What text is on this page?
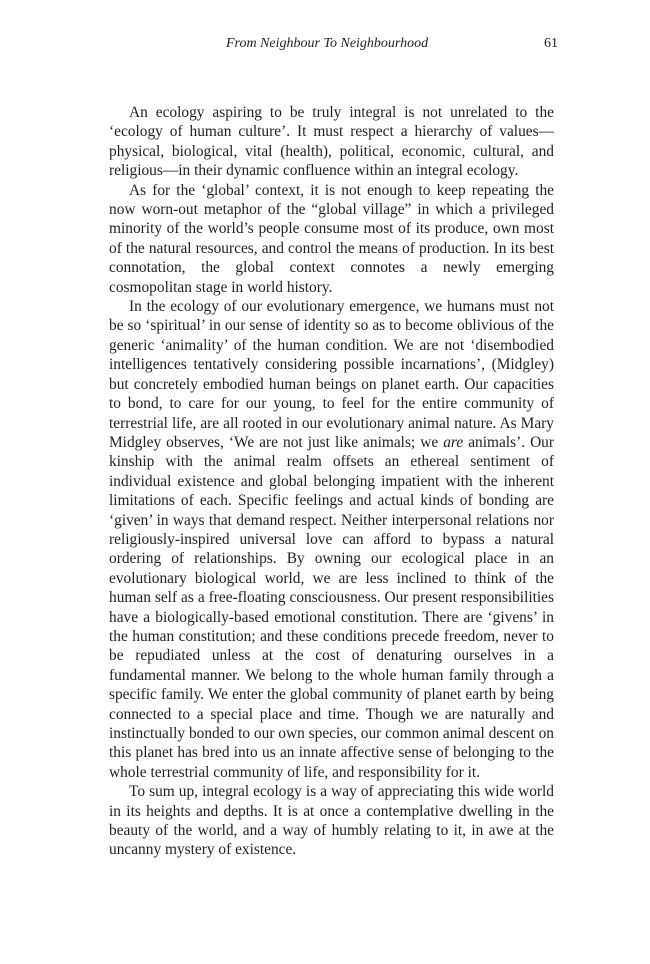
From Neighbour To Neighbourhood	61

An ecology aspiring to be truly integral is not unrelated to the ‘ecology of human culture’. It must respect a hierarchy of values—physical, biological, vital (health), political, economic, cultural, and religious—in their dynamic confluence within an integral ecology.

As for the ‘global’ context, it is not enough to keep repeating the now worn-out metaphor of the “global village” in which a privileged minority of the world’s people consume most of its produce, own most of the natural resources, and control the means of production. In its best connotation, the global context connotes a newly emerging cosmopolitan stage in world history.

In the ecology of our evolutionary emergence, we humans must not be so ‘spiritual’ in our sense of identity so as to become oblivious of the generic ‘animality’ of the human condition. We are not ‘disembodied intelligences tentatively considering possible incarnations’, (Midgley) but concretely embodied human beings on planet earth. Our capacities to bond, to care for our young, to feel for the entire community of terrestrial life, are all rooted in our evolutionary animal nature. As Mary Midgley observes, ‘We are not just like animals; we are animals’. Our kinship with the animal realm offsets an ethereal sentiment of individual existence and global belonging impatient with the inherent limitations of each. Specific feelings and actual kinds of bonding are ‘given’ in ways that demand respect. Neither interpersonal relations nor religiously-inspired universal love can afford to bypass a natural ordering of relationships. By owning our ecological place in an evolutionary biological world, we are less inclined to think of the human self as a free-floating consciousness. Our present responsibilities have a biologically-based emotional constitution. There are ‘givens’ in the human constitution; and these conditions precede freedom, never to be repudiated unless at the cost of denaturing ourselves in a fundamental manner. We belong to the whole human family through a specific family. We enter the global community of planet earth by being connected to a special place and time. Though we are naturally and instinctually bonded to our own species, our common animal descent on this planet has bred into us an innate affective sense of belonging to the whole terrestrial community of life, and responsibility for it.

To sum up, integral ecology is a way of appreciating this wide world in its heights and depths. It is at once a contemplative dwelling in the beauty of the world, and a way of humbly relating to it, in awe at the uncanny mystery of existence.
